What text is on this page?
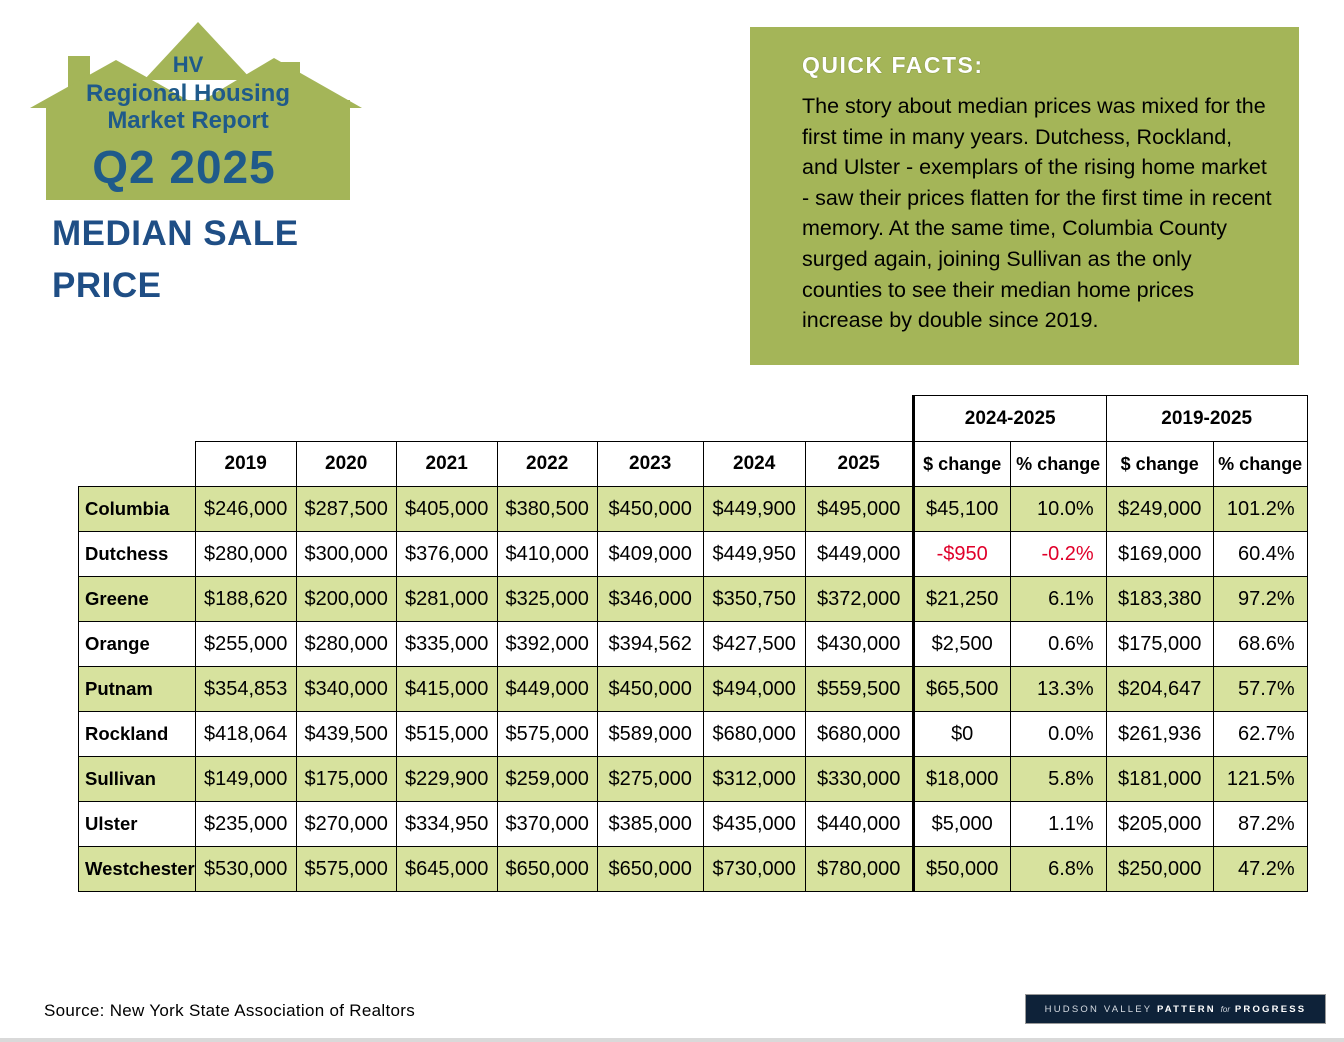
HV
Regional Housing
Market Report
Q2 2025
MEDIAN SALE PRICE
QUICK FACTS:
The story about median prices was mixed for the first time in many years. Dutchess, Rockland, and Ulster - exemplars of the rising home market - saw their prices flatten for the first time in recent memory. At the same time, Columbia County surged again, joining Sullivan as the only counties to see their median home prices increase by double since 2019.
								2024-2025		2019-2025	
	2019	2020	2021	2022	2023	2024	2025	$ change	% change	$ change	% change
Columbia	$246,000	$287,500	$405,000	$380,500	$450,000	$449,900	$495,000	$45,100	10.0%	$249,000	101.2%
Dutchess	$280,000	$300,000	$376,000	$410,000	$409,000	$449,950	$449,000	-$950	-0.2%	$169,000	60.4%
Greene	$188,620	$200,000	$281,000	$325,000	$346,000	$350,750	$372,000	$21,250	6.1%	$183,380	97.2%
Orange	$255,000	$280,000	$335,000	$392,000	$394,562	$427,500	$430,000	$2,500	0.6%	$175,000	68.6%
Putnam	$354,853	$340,000	$415,000	$449,000	$450,000	$494,000	$559,500	$65,500	13.3%	$204,647	57.7%
Rockland	$418,064	$439,500	$515,000	$575,000	$589,000	$680,000	$680,000	$0	0.0%	$261,936	62.7%
Sullivan	$149,000	$175,000	$229,900	$259,000	$275,000	$312,000	$330,000	$18,000	5.8%	$181,000	121.5%
Ulster	$235,000	$270,000	$334,950	$370,000	$385,000	$435,000	$440,000	$5,000	1.1%	$205,000	87.2%
Westchester	$530,000	$575,000	$645,000	$650,000	$650,000	$730,000	$780,000	$50,000	6.8%	$250,000	47.2%
Source: New York State Association of Realtors	HUDSON VALLEY PATTERN for PROGRESS
